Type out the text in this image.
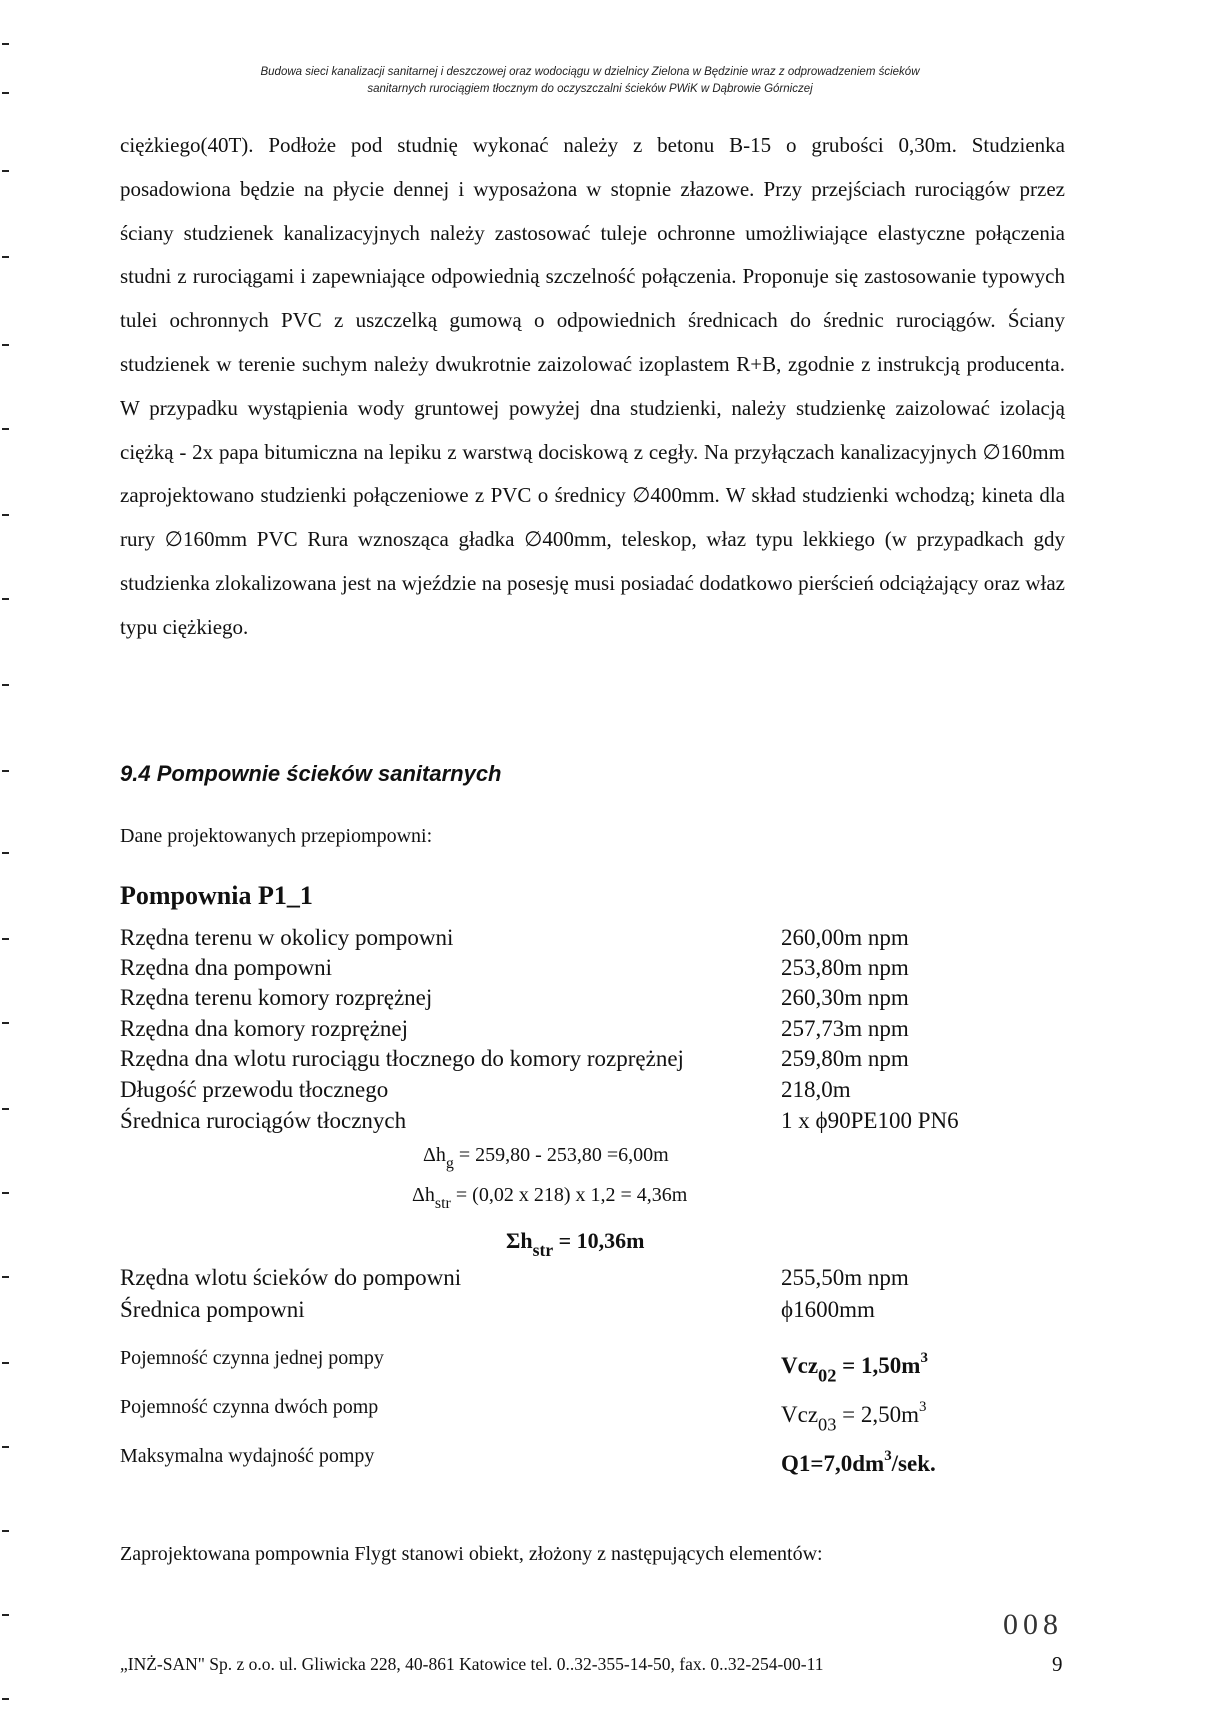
Budowa sieci kanalizacji sanitarnej i deszczowej oraz wodociągu w dzielnicy Zielona w Będzinie wraz z odprowadzeniem ścieków
sanitarnych rurociągiem tłocznym do oczyszczalni ścieków PWiK w Dąbrowie Górniczej
ciężkiego(40T). Podłoże pod studnię wykonać należy z betonu B-15 o grubości 0,30m. Studzienka posadowiona będzie na płycie dennej i wyposażona w stopnie złazowe. Przy przejściach rurociągów przez ściany studzienek kanalizacyjnych należy zastosować tuleje ochronne umożliwiające elastyczne połączenia studni z rurociągami i zapewniające odpowiednią szczelność połączenia. Proponuje się zastosowanie typowych tulei ochronnych PVC z uszczelką gumową o odpowiednich średnicach do średnic rurociągów. Ściany studzienek w terenie suchym należy dwukrotnie zaizolować izoplastem R+B, zgodnie z instrukcją producenta. W przypadku wystąpienia wody gruntowej powyżej dna studzienki, należy studzienkę zaizolować izolacją ciężką - 2x papa bitumiczna na lepiku z warstwą dociskową z cegły. Na przyłączach kanalizacyjnych ∅160mm zaprojektowano studzienki połączeniowe z PVC o średnicy ∅400mm. W skład studzienki wchodzą; kineta dla rury ∅160mm PVC Rura wznosząca gładka ∅400mm, teleskop, właz typu lekkiego (w przypadkach gdy studzienka zlokalizowana jest na wjeździe na posesję musi posiadać dodatkowo pierścień odciążający oraz właz typu ciężkiego.
9.4 Pompownie ścieków sanitarnych
Dane projektowanych przepiompowni:
Pompownia P1_1
Rzędna terenu w okolicy pompowni	260,00m npm
Rzędna dna pompowni	253,80m npm
Rzędna terenu komory rozprężnej	260,30m npm
Rzędna dna komory rozprężnej	257,73m npm
Rzędna dna wlotu rurociągu tłocznego do komory rozprężnej	259,80m npm
Długość przewodu tłocznego	218,0m
Średnica rurociągów tłocznych	1 x ϕ90PE100 PN6
$\Delta h_g = 259,80 - 253,80 =6,00m$
$\Delta h_{str} = (0,02$ x 218) x 1,2 = 4,36m
$\Sigma h_{str} = 10,36m$
Rzędna wlotu ścieków do pompowni	255,50m npm
Średnica pompowni	ϕ1600mm
Pojemność czynna jednej pompy	$Vcz_{02} = 1,50m^3$
Pojemność czynna dwóch pomp	$Vcz_{03} = 2,50m^3$
Maksymalna wydajność pompy	$Q1=7,0dm^3$/sek.
Zaprojektowana pompownia Flygt stanowi obiekt, złożony z następujących elementów:
008
„INŻ-SAN" Sp. z o.o. ul. Gliwicka 228, 40-861 Katowice tel. 0..32-355-14-50, fax. 0..32-254-00-11	9
